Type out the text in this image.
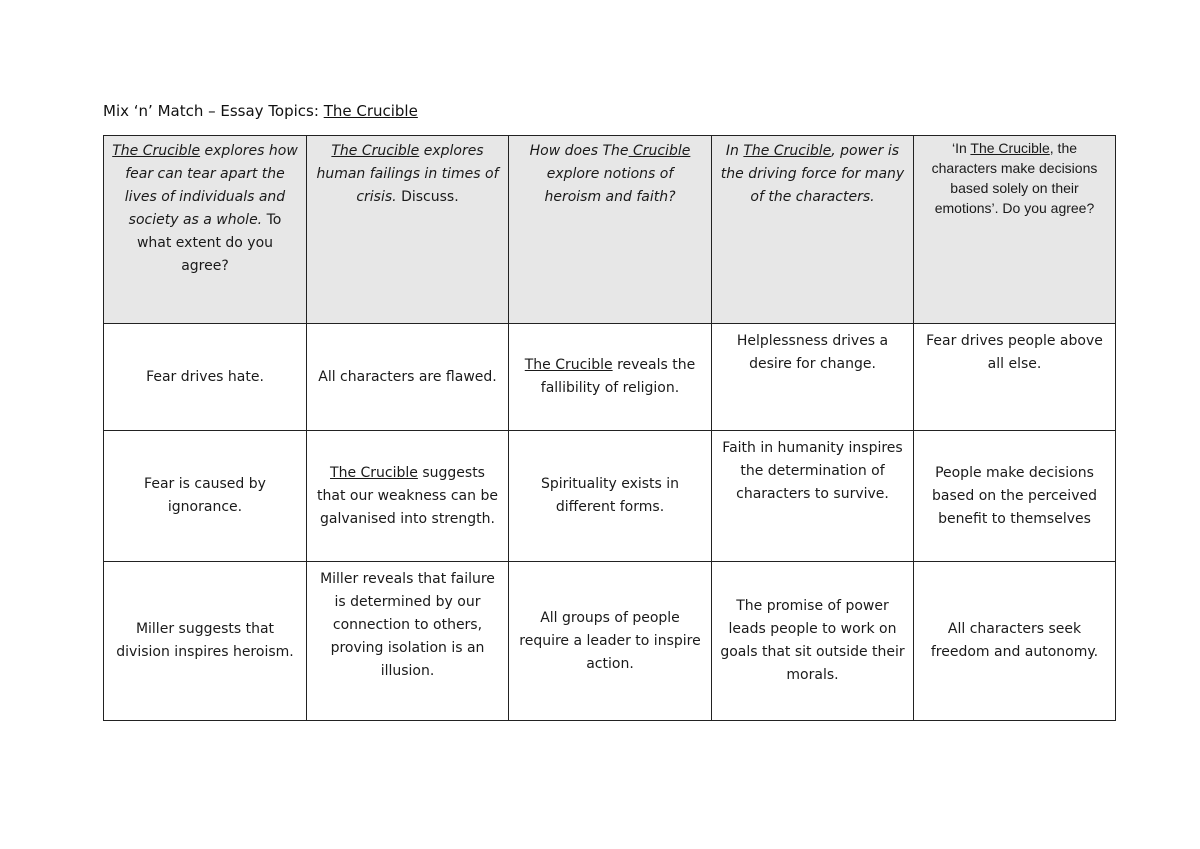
Mix ‘n’ Match – Essay Topics: The Crucible
The Crucible explores how fear can tear apart the lives of individuals and society as a whole. To what extent do you agree?	The Crucible explores human failings in times of crisis. Discuss.	How does The Crucible explore notions of heroism and faith?	In The Crucible, power is the driving force for many of the characters.	‘In The Crucible, the characters make decisions based solely on their emotions’. Do you agree?
Fear drives hate.	All characters are flawed.	The Crucible reveals the fallibility of religion.	Helplessness drives a desire for change.	Fear drives people above all else.
Fear is caused by ignorance.	The Crucible suggests that our weakness can be galvanised into strength.	Spirituality exists in different forms.	Faith in humanity inspires the determination of characters to survive.	People make decisions based on the perceived benefit to themselves
Miller suggests that division inspires heroism.	Miller reveals that failure is determined by our connection to others, proving isolation is an illusion.	All groups of people require a leader to inspire action.	The promise of power leads people to work on goals that sit outside their morals.	All characters seek freedom and autonomy.
